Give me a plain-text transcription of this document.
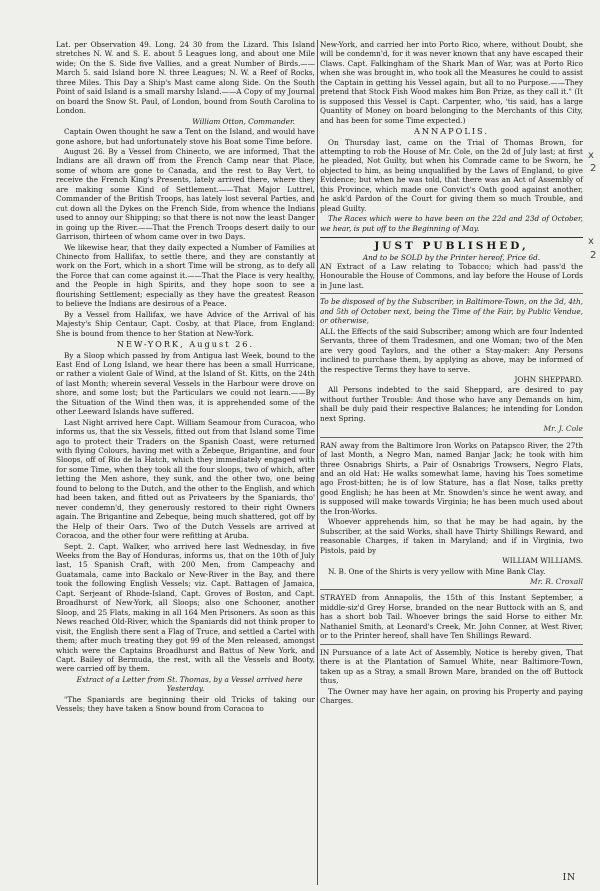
Lat. per Observation 49. Long. 24 30 from the Lizard. This Island stretches N. W. and S. E. about 5 Leagues long, and about one Mile wide; On the S. Side five Vallies, and a great Number of Birds.——March 5. said Island bore N. three Leagues; N. W. a Reef of Rocks, three Miles. This Day a Ship's Mast came along Side. On the South Point of said Island is a small marshy Island.——A Copy of my Journal on board the Snow St. Paul, of London, bound from South Carolina to London.

William Otton, Commander.

Captain Owen thought he saw a Tent on the Island, and would have gone ashore, but had unfortunately stove his Boat some Time before.

August 26. By a Vessel from Chinecto, we are informed, That the Indians are all drawn off from the French Camp near that Place, some of whom are gone to Canada, and the rest to Bay Vert, to receive the French King's Presents, lately arrived there, where they are making some Kind of Settlement.——That Major Luttrel, Commander of the British Troops, has lately lost several Parties, and cut down all the Dykes on the French Side, from whence the Indians used to annoy our Shipping; so that there is not now the least Danger in going up the River.——That the French Troops desert daily to our Garrison, thirteen of whom came over in two Days.

We likewise hear, that they daily expected a Number of Families at Chinecto from Hallifax, to settle there, and they are constantly at work on the Fort, which in a short Time will be strong, as to defy all the Force that can come against it.——That the Place is very healthy, and the People in high Spirits, and they hope soon to see a flourishing Settlement; especially as they have the greatest Reason to believe the Indians are desirous of a Peace.

By a Vessel from Hallifax, we have Advice of the Arrival of his Majesty's Ship Centaur, Capt. Cosby, at that Place, from England: She is bound from thence to her Station at New-York.

NEW-YORK, August 26.

By a Sloop which passed by from Antigua last Week, bound to the East End of Long Island, we hear there has been a small Hurricane, or rather a violent Gale of Wind, at the Island of St. Kitts, on the 24th of last Month; wherein several Vessels in the Harbour were drove on shore, and some lost; but the Particulars we could not learn.——By the Situation of the Wind then was, it is apprehended some of the other Leeward Islands have suffered.

Last Night arrived here Capt. William Seamour from Curacoa, who informs us, that the six Vessels, fitted out from that Island some Time ago to protect their Traders on the Spanish Coast, were returned with flying Colours, having met with a Zebeque, Brigantine, and four Sloops, off of Rio de la Hatch, which they immediately engaged with for some Time, when they took all the four sloops, two of which, after letting the Men ashore, they sunk, and the other two, one being found to belong to the Dutch, and the other to the English, and which had been taken, and fitted out as Privateers by the Spaniards, tho' never condemn'd, they generously restored to their right Owners again. The Brigantine and Zebeque, being much shattered, got off by the Help of their Oars. Two of the Dutch Vessels are arrived at Coracoa, and the other four were refitting at Aruba.

Sept. 2. Capt. Walker, who arrived here last Wednesday, in five Weeks from the Bay of Honduras, informs us, that on the 10th of July last, 15 Spanish Craft, with 200 Men, from Campeachy and Guatamala, came into Backalo or New-River in the Bay, and there took the following English Vessels; viz. Capt. Battagen of Jamaica, Capt. Serjeant of Rhode-Island, Capt. Groves of Boston, and Capt. Broadhurst of New-York, all Sloops; also one Schooner, another Sloop, and 25 Flats, making in all 164 Men Prisoners. As soon as this News reached Old-River, which the Spaniards did not think proper to visit, the English there sent a Flag of Truce, and settled a Cartel with them; after much treating they got 99 of the Men released, amongst which were the Captains Broadhurst and Battus of New York, and Capt. Bailey of Bermuda, the rest, with all the Vessels and Booty, were carried off by them.

Extract of a Letter from St. Thomas, by a Vessel arrived here Yesterday.

"The Spaniards are beginning their old Tricks of taking our Vessels; they have taken a Snow bound from Coracoa to

New-York, and carried her into Porto Rico, where, without Doubt, she will be condemn'd, for it was never known that any have escaped their Claws. Capt. Falkingham of the Shark Man of War, was at Porto Rico when she was brought in, who took all the Measures he could to assist the Captain in getting his Vessel again, but all to no Purpose.——They pretend that Stock Fish Wood makes him Bon Prize, as they call it." (It is supposed this Vessel is Capt. Carpenter, who, 'tis said, has a large Quantity of Money on board belonging to the Merchants of this City, and has been for some Time expected.)

ANNAPOLIS.

On Thursday last, came on the Trial of Thomas Brown, for attempting to rob the House of Mr. Cole, on the 2d of July last; at first he pleaded, Not Guilty, but when his Comrade came to be Sworn, he objected to him, as being unqualified by the Laws of England, to give Evidence; but when he was told, that there was an Act of Assembly of this Province, which made one Convict's Oath good against another, he ask'd Pardon of the Court for giving them so much Trouble, and plead Guilty.

The Races which were to have been on the 22d and 23d of October, we hear, is put off to the Beginning of May.

JUST PUBLISHED,
And to be SOLD by the Printer hereof, Price 6d.

AN Extract of a Law relating to Tobacco; which had pass'd the Honourable the House of Commons, and lay before the House of Lords in June last.

To be disposed of by the Subscriber, in Baltimore-Town, on the 3d, 4th, and 5th of October next, being the Time of the Fair, by Public Vendue, or otherwise,

ALL the Effects of the said Subscriber; among which are four Indented Servants, three of them Tradesmen, and one Woman; two of the Men are very good Taylors, and the other a Stay-maker: Any Persons inclined to purchase them, by applying as above, may be informed of the respective Terms they have to serve.

JOHN SHEPPARD.

All Persons indebted to the said Sheppard, are desired to pay without further Trouble: And those who have any Demands on him, shall be duly paid their respective Balances; he intending for London next Spring.

Mr. J. Cole

RAN away from the Baltimore Iron Works on Patapsco River, the 27th of last Month, a Negro Man, named Banjar Jack; he took with him three Osnabrigs Shirts, a Pair of Osnabrigs Trowsers, Negro Flats, and an old Hat: He walks somewhat lame, having his Toes sometime ago Frost-bitten; he is of low Stature, has a flat Nose, talks pretty good English; he has been at Mr. Snowden's since he went away, and is supposed will make towards Virginia; he has been much used about the Iron-Works.

Whoever apprehends him, so that he may be had again, by the Subscriber, at the said Works, shall have Thirty Shillings Reward, and reasonable Charges, if taken in Maryland; and if in Virginia, two Pistols, paid by

WILLIAM WILLIAMS.

N. B. One of the Shirts is very yellow with Mine Bank Clay.

Mr. R. Croxall

STRAYED from Annapolis, the 15th of this Instant September, a middle-siz'd Grey Horse, branded on the near Buttock with an S, and has a short bob Tail. Whoever brings the said Horse to either Mr. Nathaniel Smith, at Leonard's Creek, Mr. John Conner, at West River, or to the Printer hereof, shall have Ten Shillings Reward.

IN Pursuance of a late Act of Assembly, Notice is hereby given, That there is at the Plantation of Samuel White, near Baltimore-Town, taken up as a Stray, a small Brown Mare, branded on the off Buttock thus,

The Owner may have her again, on proving his Property and paying Charges.

IN
x
2
x
2
